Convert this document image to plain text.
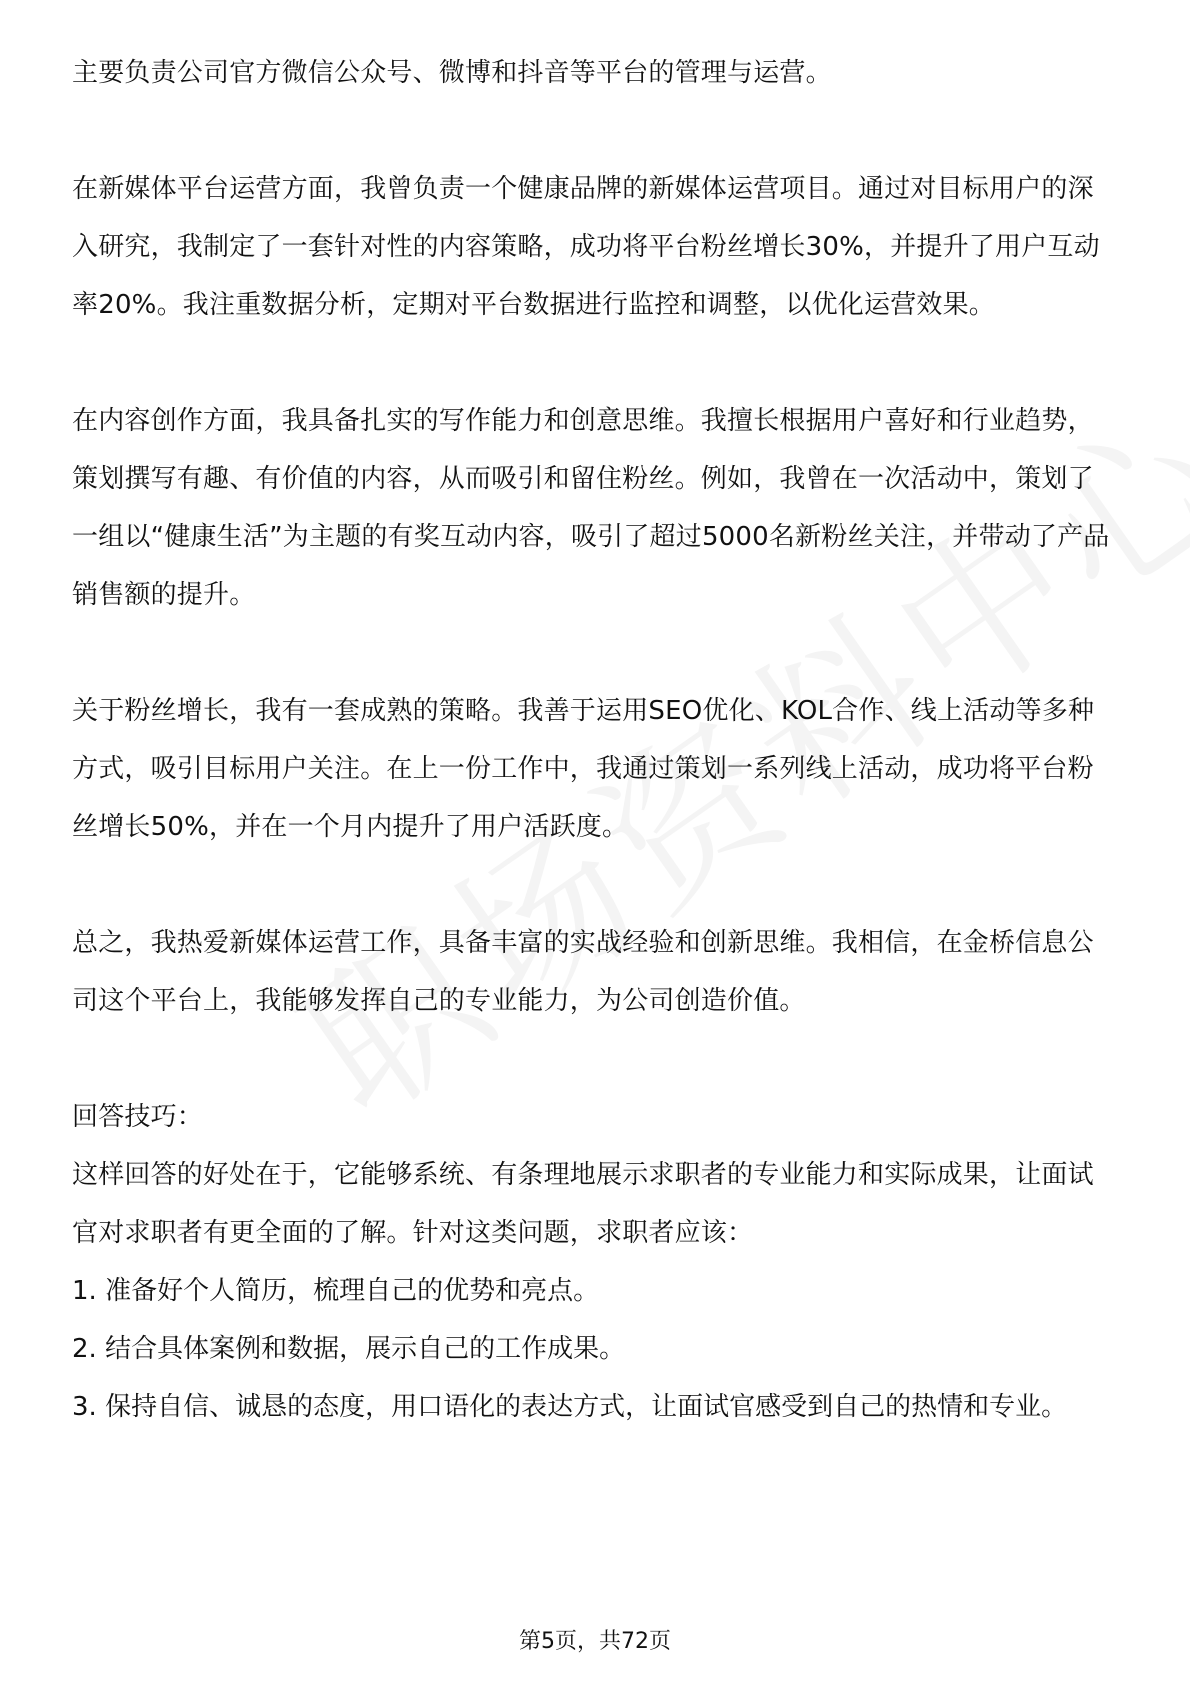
主要负责公司官方微信公众号、微博和抖音等平台的管理与运营。

在新媒体平台运营方面，我曾负责一个健康品牌的新媒体运营项目。通过对目标用户的深入研究，我制定了一套针对性的内容策略，成功将平台粉丝增长30%，并提升了用户互动率20%。我注重数据分析，定期对平台数据进行监控和调整，以优化运营效果。

在内容创作方面，我具备扎实的写作能力和创意思维。我擅长根据用户喜好和行业趋势，策划撰写有趣、有价值的内容，从而吸引和留住粉丝。例如，我曾在一次活动中，策划了一组以“健康生活”为主题的有奖互动内容，吸引了超过5000名新粉丝关注，并带动了产品销售额的提升。

关于粉丝增长，我有一套成熟的策略。我善于运用SEO优化、KOL合作、线上活动等多种方式，吸引目标用户关注。在上一份工作中，我通过策划一系列线上活动，成功将平台粉丝增长50%，并在一个月内提升了用户活跃度。

总之，我热爱新媒体运营工作，具备丰富的实战经验和创新思维。我相信，在金桥信息公司这个平台上，我能够发挥自己的专业能力，为公司创造价值。

回答技巧：

这样回答的好处在于，它能够系统、有条理地展示求职者的专业能力和实际成果，让面试官对求职者有更全面的了解。针对这类问题，求职者应该：

1. 准备好个人简历，梳理自己的优势和亮点。

2. 结合具体案例和数据，展示自己的工作成果。

3. 保持自信、诚恳的态度，用口语化的表达方式，让面试官感受到自己的热情和专业。

第5页，共72页
